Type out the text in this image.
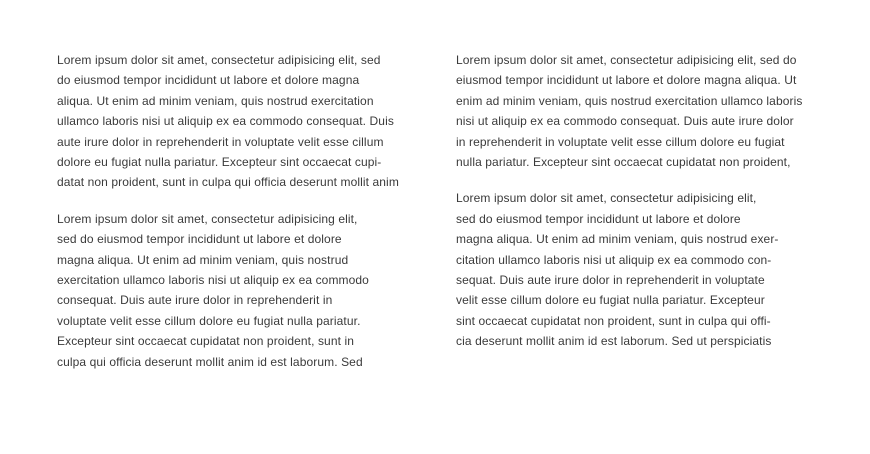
Lorem ipsum dolor sit amet, consectetur adipisicing elit, sed
do eiusmod tempor incididunt ut labore et dolore magna
aliqua. Ut enim ad minim veniam, quis nostrud exercitation
ullamco laboris nisi ut aliquip ex ea commodo consequat. Duis
aute irure dolor in reprehenderit in voluptate velit esse cillum
dolore eu fugiat nulla pariatur. Excepteur sint occaecat cupi-
datat non proident, sunt in culpa qui officia deserunt mollit anim

Lorem ipsum dolor sit amet, consectetur adipisicing elit,
sed do eiusmod tempor incididunt ut labore et dolore
magna aliqua. Ut enim ad minim veniam, quis nostrud
exercitation ullamco laboris nisi ut aliquip ex ea commodo
consequat. Duis aute irure dolor in reprehenderit in
voluptate velit esse cillum dolore eu fugiat nulla pariatur.
Excepteur sint occaecat cupidatat non proident, sunt in
culpa qui officia deserunt mollit anim id est laborum. Sed

Lorem ipsum dolor sit amet, consectetur adipisicing elit, sed do
eiusmod tempor incididunt ut labore et dolore magna aliqua. Ut
enim ad minim veniam, quis nostrud exercitation ullamco laboris
nisi ut aliquip ex ea commodo consequat. Duis aute irure dolor
in reprehenderit in voluptate velit esse cillum dolore eu fugiat
nulla pariatur. Excepteur sint occaecat cupidatat non proident,

Lorem ipsum dolor sit amet, consectetur adipisicing elit,
sed do eiusmod tempor incididunt ut labore et dolore
magna aliqua. Ut enim ad minim veniam, quis nostrud exer-
citation ullamco laboris nisi ut aliquip ex ea commodo con-
sequat. Duis aute irure dolor in reprehenderit in voluptate
velit esse cillum dolore eu fugiat nulla pariatur. Excepteur
sint occaecat cupidatat non proident, sunt in culpa qui offi-
cia deserunt mollit anim id est laborum. Sed ut perspiciatis
